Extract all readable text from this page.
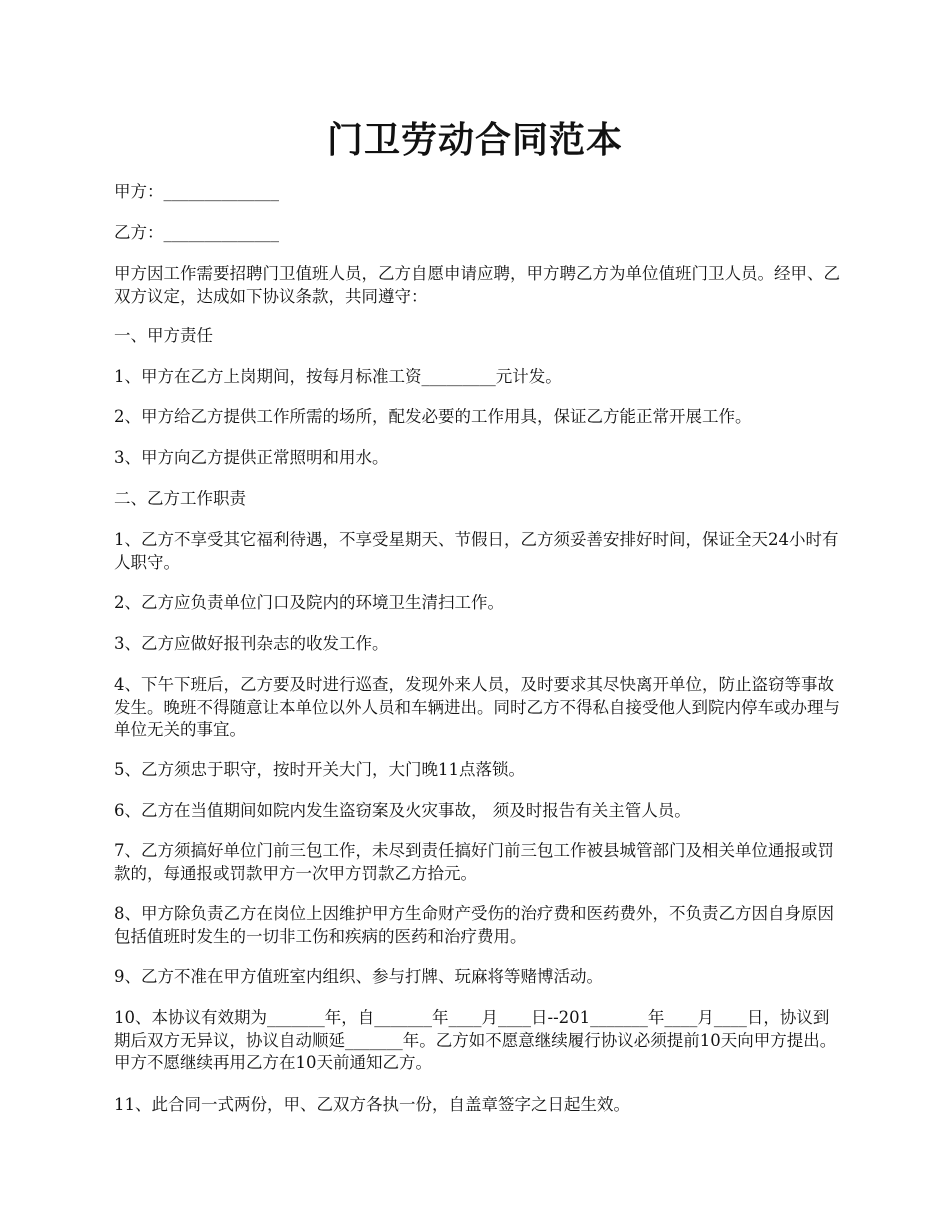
门卫劳动合同范本

甲方：______________

乙方：______________

甲方因工作需要招聘门卫值班人员，乙方自愿申请应聘，甲方聘乙方为单位值班门卫人员。经甲、乙双方议定，达成如下协议条款，共同遵守：

一、甲方责任

1、甲方在乙方上岗期间，按每月标准工资_________元计发。

2、甲方给乙方提供工作所需的场所，配发必要的工作用具，保证乙方能正常开展工作。

3、甲方向乙方提供正常照明和用水。

二、乙方工作职责

1、乙方不享受其它福利待遇，不享受星期天、节假日，乙方须妥善安排好时间，保证全天24小时有人职守。

2、乙方应负责单位门口及院内的环境卫生清扫工作。

3、乙方应做好报刊杂志的收发工作。

4、下午下班后，乙方要及时进行巡查，发现外来人员，及时要求其尽快离开单位，防止盗窃等事故发生。晚班不得随意让本单位以外人员和车辆进出。同时乙方不得私自接受他人到院内停车或办理与单位无关的事宜。

5、乙方须忠于职守，按时开关大门，大门晚11点落锁。

6、乙方在当值期间如院内发生盗窃案及火灾事故， 须及时报告有关主管人员。

7、乙方须搞好单位门前三包工作，未尽到责任搞好门前三包工作被县城管部门及相关单位通报或罚款的，每通报或罚款甲方一次甲方罚款乙方拾元。

8、甲方除负责乙方在岗位上因维护甲方生命财产受伤的治疗费和医药费外，不负责乙方因自身原因包括值班时发生的一切非工伤和疾病的医药和治疗费用。

9、乙方不准在甲方值班室内组织、参与打牌、玩麻将等赌博活动。

10、本协议有效期为_______年，自_______年____月____日--201_______年____月____日，协议到期后双方无异议，协议自动顺延_______年。乙方如不愿意继续履行协议必须提前10天向甲方提出。甲方不愿继续再用乙方在10天前通知乙方。

11、此合同一式两份，甲、乙双方各执一份，自盖章签字之日起生效。
